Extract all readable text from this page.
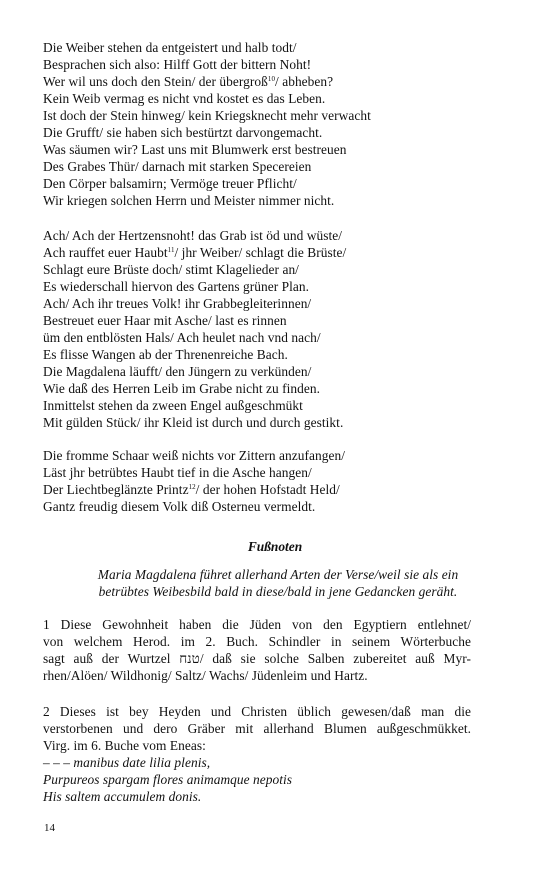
Die Weiber stehen da entgeistert und halb todt/
Besprachen sich also: Hilff Gott der bittern Noht!
Wer wil uns doch den Stein/ der übergroß$^{10}$/ abheben?
Kein Weib vermag es nicht vnd kostet es das Leben.
Ist doch der Stein hinweg/ kein Kriegsknecht mehr verwacht
Die Grufft/ sie haben sich bestürtzt darvongemacht.
Was säumen wir? Last uns mit Blumwerk erst bestreuen
Des Grabes Thür/ darnach mit starken Specereien
Den Cörper balsamirn; Vermöge treuer Pflicht/
Wir kriegen solchen Herrn und Meister nimmer nicht.
Ach/ Ach der Hertzensnoht! das Grab ist öd und wüste/
Ach rauffet euer Haubt$^{11}$/ jhr Weiber/ schlagt die Brüste/
Schlagt eure Brüste doch/ stimt Klagelieder an/
Es wiederschall hiervon des Gartens grüner Plan.
Ach/ Ach ihr treues Volk! ihr Grabbegleiterinnen/
Bestreuet euer Haar mit Asche/ last es rinnen
üm den entblösten Hals/ Ach heulet nach vnd nach/
Es flisse Wangen ab der Threnenreiche Bach.
Die Magdalena läufft/ den Jüngern zu verkünden/
Wie daß des Herren Leib im Grabe nicht zu finden.
Inmittelst stehen da zween Engel außgeschmükt
Mit gülden Stück/ ihr Kleid ist durch und durch gestikt.
Die fromme Schaar weiß nichts vor Zittern anzufangen/
Läst jhr betrübtes Haubt tief in die Asche hangen/
Der Liechtbeglänzte Printz$^{12}$/ der hohen Hofstadt Held/
Gantz freudig diesem Volk diß Osterneu vermeldt.
Fußnoten
Maria Magdalena führet allerhand Arten der Verse/weil sie als ein
betrübtes Weibesbild bald in diese/bald in jene Gedancken geräht.
1 Diese Gewohnheit haben die Jüden von den Egyptiern entlehnet/
von welchem Herod. im 2. Buch. Schindler in seinem Wörterbuche
sagt auß der Wurtzel טנח/ daß sie solche Salben zubereitet auß Myr-
rhen/Alöen/ Wildhonig/ Saltz/ Wachs/ Jüdenleim und Hartz.
2 Dieses ist bey Heyden und Christen üblich gewesen/daß man die
verstorbenen und dero Gräber mit allerhand Blumen außgeschmükket.
Virg. im 6. Buche vom Eneas:
– – – manibus date lilia plenis,
Purpureos spargam flores animamque nepotis
His saltem accumulem donis.
14
